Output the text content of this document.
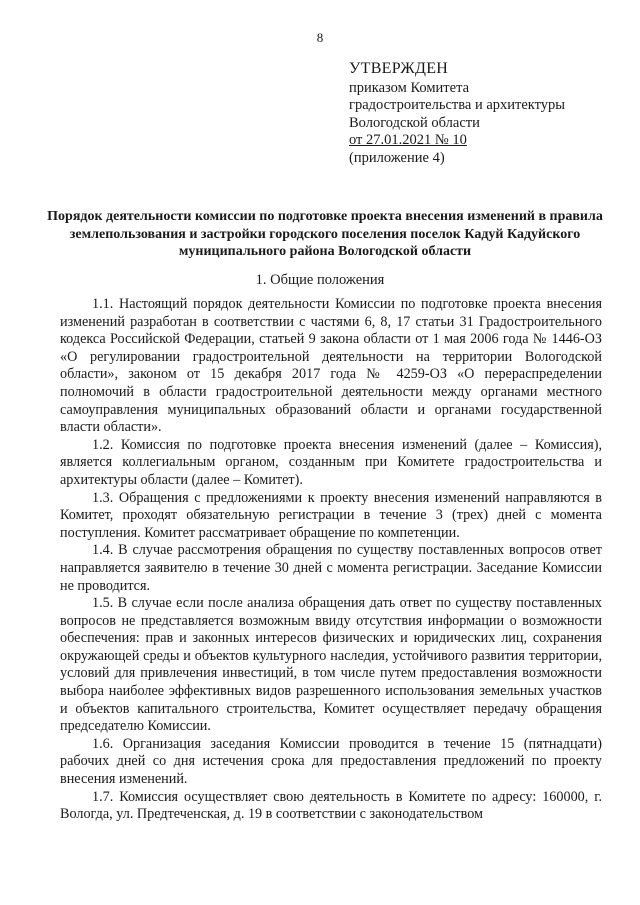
8
УТВЕРЖДЕН
приказом Комитета
градостроительства и архитектуры
Вологодской области
от 27.01.2021 № 10
(приложение 4)
Порядок деятельности комиссии по подготовке проекта внесения изменений в правила землепользования и застройки городского поселения поселок Кадуй Кадуйского муниципального района Вологодской области
1. Общие положения

1.1. Настоящий порядок деятельности Комиссии по подготовке проекта внесения изменений разработан в соответствии с частями 6, 8, 17 статьи 31 Градостроительного кодекса Российской Федерации, статьей 9 закона области от 1 мая 2006 года № 1446-ОЗ «О регулировании градостроительной деятельности на территории Вологодской области», законом от 15 декабря 2017 года № 4259-ОЗ «О перераспределении полномочий в области градостроительной деятельности между органами местного самоуправления муниципальных образований области и органами государственной власти области».

1.2. Комиссия по подготовке проекта внесения изменений (далее – Комиссия), является коллегиальным органом, созданным при Комитете градостроительства и архитектуры области (далее – Комитет).

1.3. Обращения с предложениями к проекту внесения изменений направляются в Комитет, проходят обязательную регистрации в течение 3 (трех) дней с момента поступления. Комитет рассматривает обращение по компетенции.

1.4. В случае рассмотрения обращения по существу поставленных вопросов ответ направляется заявителю в течение 30 дней с момента регистрации. Заседание Комиссии не проводится.

1.5. В случае если после анализа обращения дать ответ по существу поставленных вопросов не представляется возможным ввиду отсутствия информации о возможности обеспечения: прав и законных интересов физических и юридических лиц, сохранения окружающей среды и объектов культурного наследия, устойчивого развития территории, условий для привлечения инвестиций, в том числе путем предоставления возможности выбора наиболее эффективных видов разрешенного использования земельных участков и объектов капитального строительства, Комитет осуществляет передачу обращения председателю Комиссии.

1.6. Организация заседания Комиссии проводится в течение 15 (пятнадцати) рабочих дней со дня истечения срока для предоставления предложений по проекту внесения изменений.

1.7. Комиссия осуществляет свою деятельность в Комитете по адресу: 160000, г. Вологда, ул. Предтеченская, д. 19 в соответствии с законодательством
